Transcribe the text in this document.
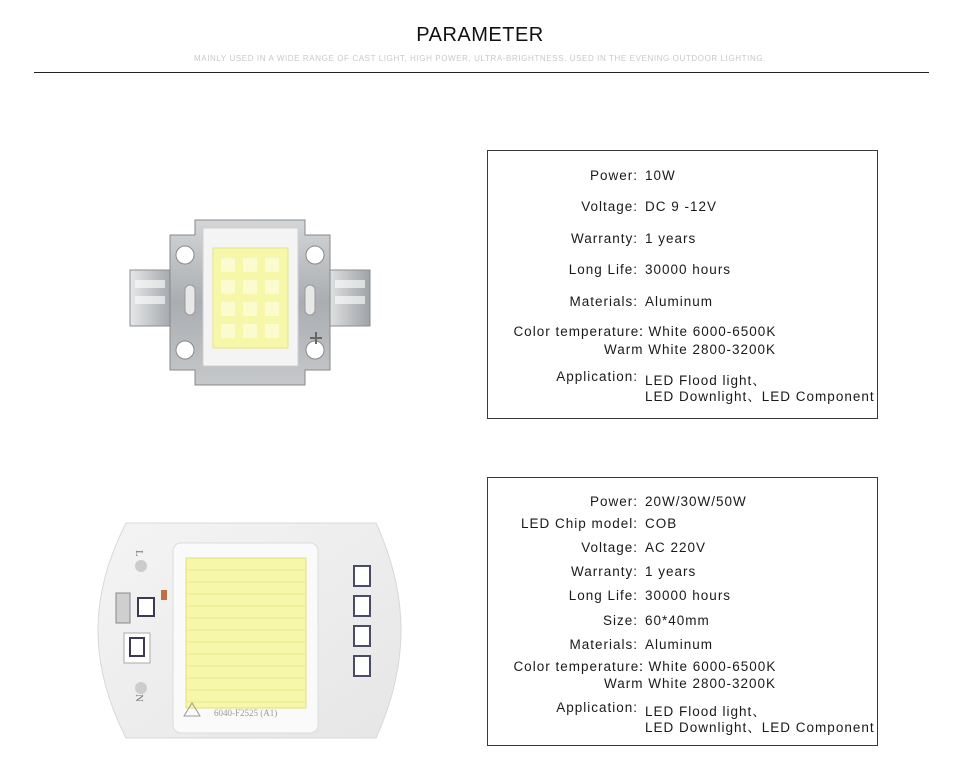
PARAMETER
MAINLY USED IN A WIDE RANGE OF CAST LIGHT, HIGH POWER, ULTRA-BRIGHTNESS, USED IN THE EVENING OUTDOOR LIGHTING.
Power: 10W
Voltage: DC 9 -12V
Warranty: 1 years
Long Life: 30000 hours
Materials: Aluminum
Color temperature:
: White 6000-6500K
Warm White 2800-3200K
Application: LED Flood light、
LED Downlight、LED Component
L
N
6040-F2525 (A1)
Power: 20W/30W/50W
LED Chip model: COB
Voltage: AC 220V
Warranty: 1 years
Long Life: 30000 hours
Size: 60*40mm
Materials: Aluminum
Color temperature:
: White 6000-6500K
Warm White 2800-3200K
Application: LED Flood light、
LED Downlight、LED Component
